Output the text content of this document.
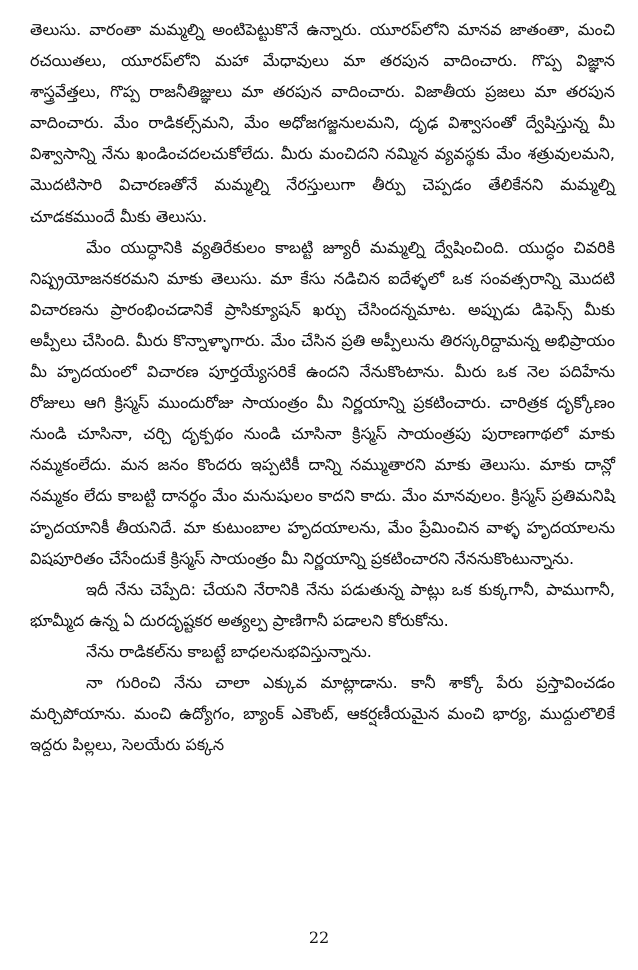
తెలుసు. వారంతా మమ్మల్ని అంటిపెట్టుకొనే ఉన్నారు. యూరప్‌లోని మానవ జాతంతా, మంచి రచయితలు, యూరప్‌లోని మహా మేధావులు మా తరపున వాదించారు. గొప్ప విజ్ఞాన శాస్త్రవేత్తలు, గొప్ప రాజనీతిజ్ఞులు మా తరపున వాదించారు. విజాతీయ ప్రజలు మా తరపున వాదించారు. మేం రాడికల్స్‌మని, మేం అధోజగజ్జనులమని, దృఢ విశ్వాసంతో ద్వేషిస్తున్న మీ విశ్వాసాన్ని నేను ఖండించదలచుకోలేదు. మీరు మంచిదని నమ్మిన వ్యవస్థకు మేం శత్రువులమని, మొదటిసారి విచారణతోనే మమ్మల్ని నేరస్తులుగా తీర్పు చెప్పడం తేలికేనని మమ్మల్ని చూడకముందే మీకు తెలుసు.

మేం యుద్ధానికి వ్యతిరేకులం కాబట్టి జ్యూరీ మమ్మల్ని ద్వేషించింది. యుద్ధం చివరికి నిష్ప్రయోజనకరమని మాకు తెలుసు. మా కేసు నడిచిన ఐదేళ్ళలో ఒక సంవత్సరాన్ని మొదటి విచారణను ప్రారంభించడానికే ప్రాసిక్యూషన్ ఖర్చు చేసిందన్నమాట. అప్పుడు డిఫెన్స్ మీకు అప్పీలు చేసింది. మీరు కొన్నాళ్ళాగారు. మేం చేసిన ప్రతి అప్పీలును తిరస్కరిద్దామన్న అభిప్రాయం మీ హృదయంలో విచారణ పూర్తయ్యేసరికే ఉందని నేనుకొంటాను. మీరు ఒక నెల పదిహేను రోజులు ఆగి క్రిస్మస్ ముందురోజు సాయంత్రం మీ నిర్ణయాన్ని ప్రకటించారు. చారిత్రక దృక్కోణం నుండి చూసినా, చర్చి దృక్పథం నుండి చూసినా క్రిస్మస్ సాయంత్రపు పురాణగాథలో మాకు నమ్మకంలేదు. మన జనం కొందరు ఇప్పటికీ దాన్ని నమ్ముతారని మాకు తెలుసు. మాకు దాన్లో నమ్మకం లేదు కాబట్టి దానర్థం మేం మనుషులం కాదని కాదు. మేం మానవులం. క్రిస్మస్ ప్రతిమనిషి హృదయానికీ తీయనిదే. మా కుటుంబాల హృదయాలను, మేం ప్రేమించిన వాళ్ళ హృదయాలను విషపూరితం చేసేందుకే క్రిస్మస్ సాయంత్రం మీ నిర్ణయాన్ని ప్రకటించారని నేననుకొంటున్నాను.

ఇదీ నేను చెప్పేది: చేయని నేరానికి నేను పడుతున్న పాట్లు ఒక కుక్కగానీ, పాముగానీ, భూమ్మీద ఉన్న ఏ దురదృష్టకర అత్యల్ప ప్రాణిగానీ పడాలని కోరుకోను.

నేను రాడికల్‌ను కాబట్టే బాధలనుభవిస్తున్నాను.

నా గురించి నేను చాలా ఎక్కువ మాట్లాడాను. కానీ శాక్కో పేరు ప్రస్తావించడం మర్చిపోయాను. మంచి ఉద్యోగం, బ్యాంక్ ఎకౌంట్, ఆకర్షణీయమైన మంచి భార్య, ముద్దులొలికే ఇద్దరు పిల్లలు, సెలయేరు పక్కన

22
